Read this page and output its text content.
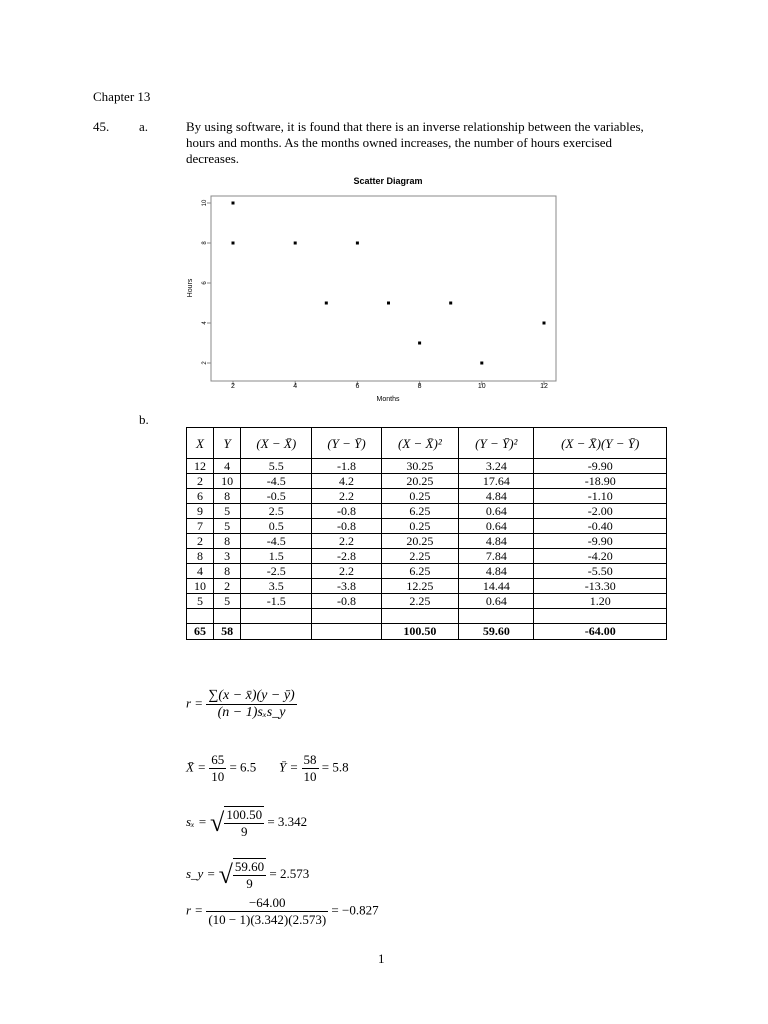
Chapter 13
45. a.	By using software, it is found that there is an inverse relationship between the variables, hours and months. As the months owned increases, the number of hours exercised decreases.
Scatter Diagram
2	4	6	8	10	12
2
4
6
8
10
Months
Hours
b.
X	Y	(X − X̄)	(Y − Ȳ)	(X − X̄)²	(Y − Ȳ)²	(X − X̄)(Y − Ȳ)
12	4	5.5	-1.8	30.25	3.24	-9.90
2	10	-4.5	4.2	20.25	17.64	-18.90
6	8	-0.5	2.2	0.25	4.84	-1.10
9	5	2.5	-0.8	6.25	0.64	-2.00
7	5	0.5	-0.8	0.25	0.64	-0.40
2	8	-4.5	2.2	20.25	4.84	-9.90
8	3	1.5	-2.8	2.25	7.84	-4.20
4	8	-2.5	2.2	6.25	4.84	-5.50
10	2	3.5	-3.8	12.25	14.44	-13.30
5	5	-1.5	-0.8	2.25	0.64	1.20

65	58			100.50	59.60	-64.00
$r = \frac{\sum(x - x̄)(y - ȳ)}{\text{(n − 1)sₓs\_y}}$
X̄ = $\frac{65}{10} = 6.5$ Ȳ = $\frac{58}{10} = 5.8$
sₓ = √ $\frac{100.50}{9} = 3.342$
s_y = √ $\frac{59.60}{9} = 2.573$
$r = \frac{-64.00}{(10 - 1)(3.342)(2.573)} = -0.827$
1
